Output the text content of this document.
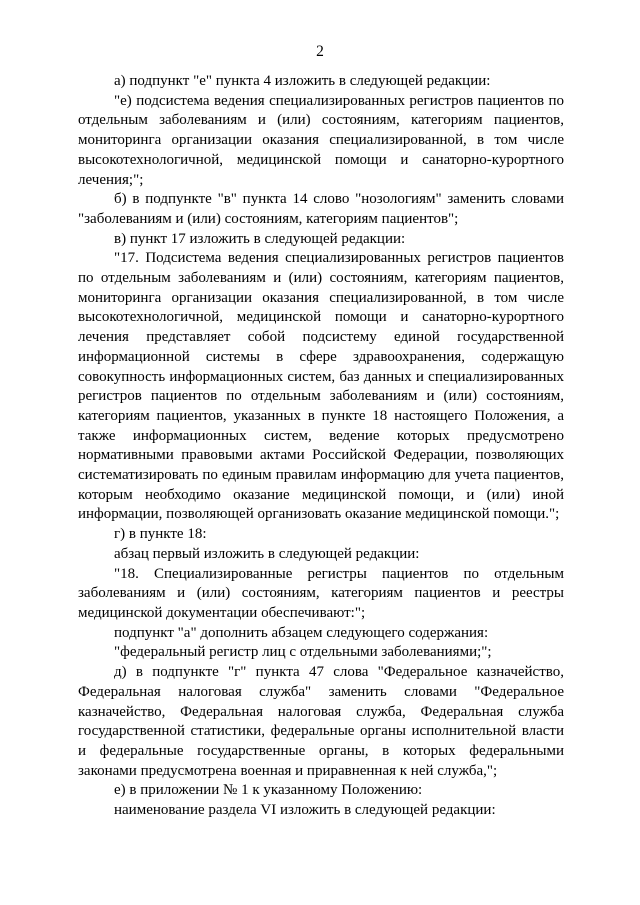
2

а) подпункт "е" пункта 4 изложить в следующей редакции:

"е) подсистема ведения специализированных регистров пациентов по отдельным заболеваниям и (или) состояниям, категориям пациентов, мониторинга организации оказания специализированной, в том числе высокотехнологичной, медицинской помощи и санаторно-курортного лечения;";

б) в подпункте "в" пункта 14 слово "нозологиям" заменить словами "заболеваниям и (или) состояниям, категориям пациентов";

в) пункт 17 изложить в следующей редакции:

"17. Подсистема ведения специализированных регистров пациентов по отдельным заболеваниям и (или) состояниям, категориям пациентов, мониторинга организации оказания специализированной, в том числе высокотехнологичной, медицинской помощи и санаторно-курортного лечения представляет собой подсистему единой государственной информационной системы в сфере здравоохранения, содержащую совокупность информационных систем, баз данных и специализированных регистров пациентов по отдельным заболеваниям и (или) состояниям, категориям пациентов, указанных в пункте 18 настоящего Положения, а также информационных систем, ведение которых предусмотрено нормативными правовыми актами Российской Федерации, позволяющих систематизировать по единым правилам информацию для учета пациентов, которым необходимо оказание медицинской помощи, и (или) иной информации, позволяющей организовать оказание медицинской помощи.";

г) в пункте 18:

абзац первый изложить в следующей редакции:

"18. Специализированные регистры пациентов по отдельным заболеваниям и (или) состояниям, категориям пациентов и реестры медицинской документации обеспечивают:";

подпункт "а" дополнить абзацем следующего содержания:

"федеральный регистр лиц с отдельными заболеваниями;";

д) в подпункте "г" пункта 47 слова "Федеральное казначейство, Федеральная налоговая служба" заменить словами "Федеральное казначейство, Федеральная налоговая служба, Федеральная служба государственной статистики, федеральные органы исполнительной власти и федеральные государственные органы, в которых федеральными законами предусмотрена военная и приравненная к ней служба,";

е) в приложении № 1 к указанному Положению:

наименование раздела VI изложить в следующей редакции:
